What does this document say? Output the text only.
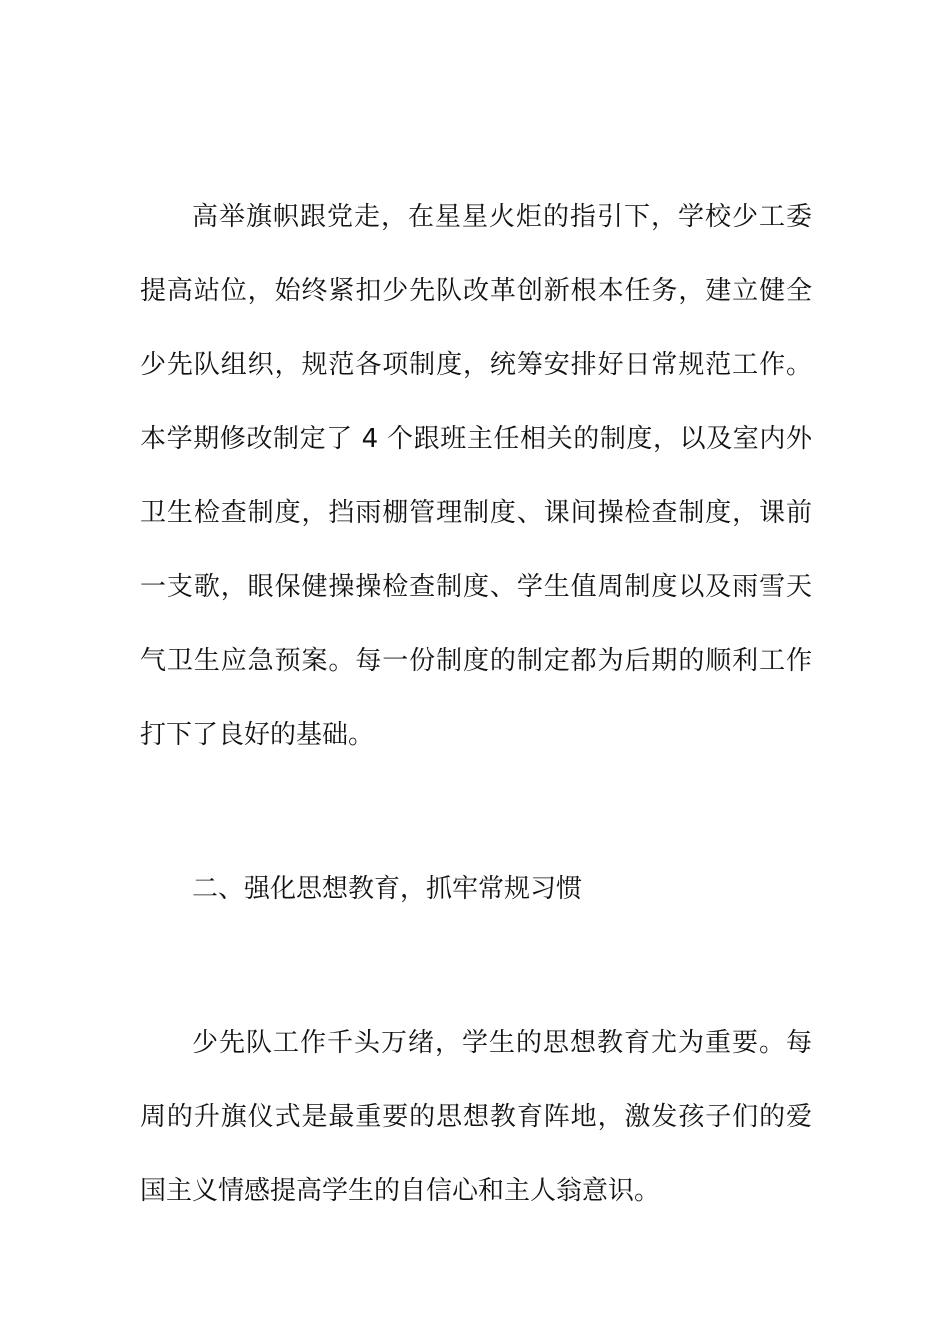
高举旗帜跟党走，在星星火炬的指引下，学校少工委提高站位，始终紧扣少先队改革创新根本任务，建立健全少先队组织，规范各项制度，统筹安排好日常规范工作。本学期修改制定了 4 个跟班主任相关的制度，以及室内外卫生检查制度，挡雨棚管理制度、课间操检查制度，课前一支歌，眼保健操操检查制度、学生值周制度以及雨雪天气卫生应急预案。每一份制度的制定都为后期的顺利工作打下了良好的基础。

二、强化思想教育，抓牢常规习惯

少先队工作千头万绪，学生的思想教育尤为重要。每周的升旗仪式是最重要的思想教育阵地，激发孩子们的爱国主义情感提高学生的自信心和主人翁意识。
